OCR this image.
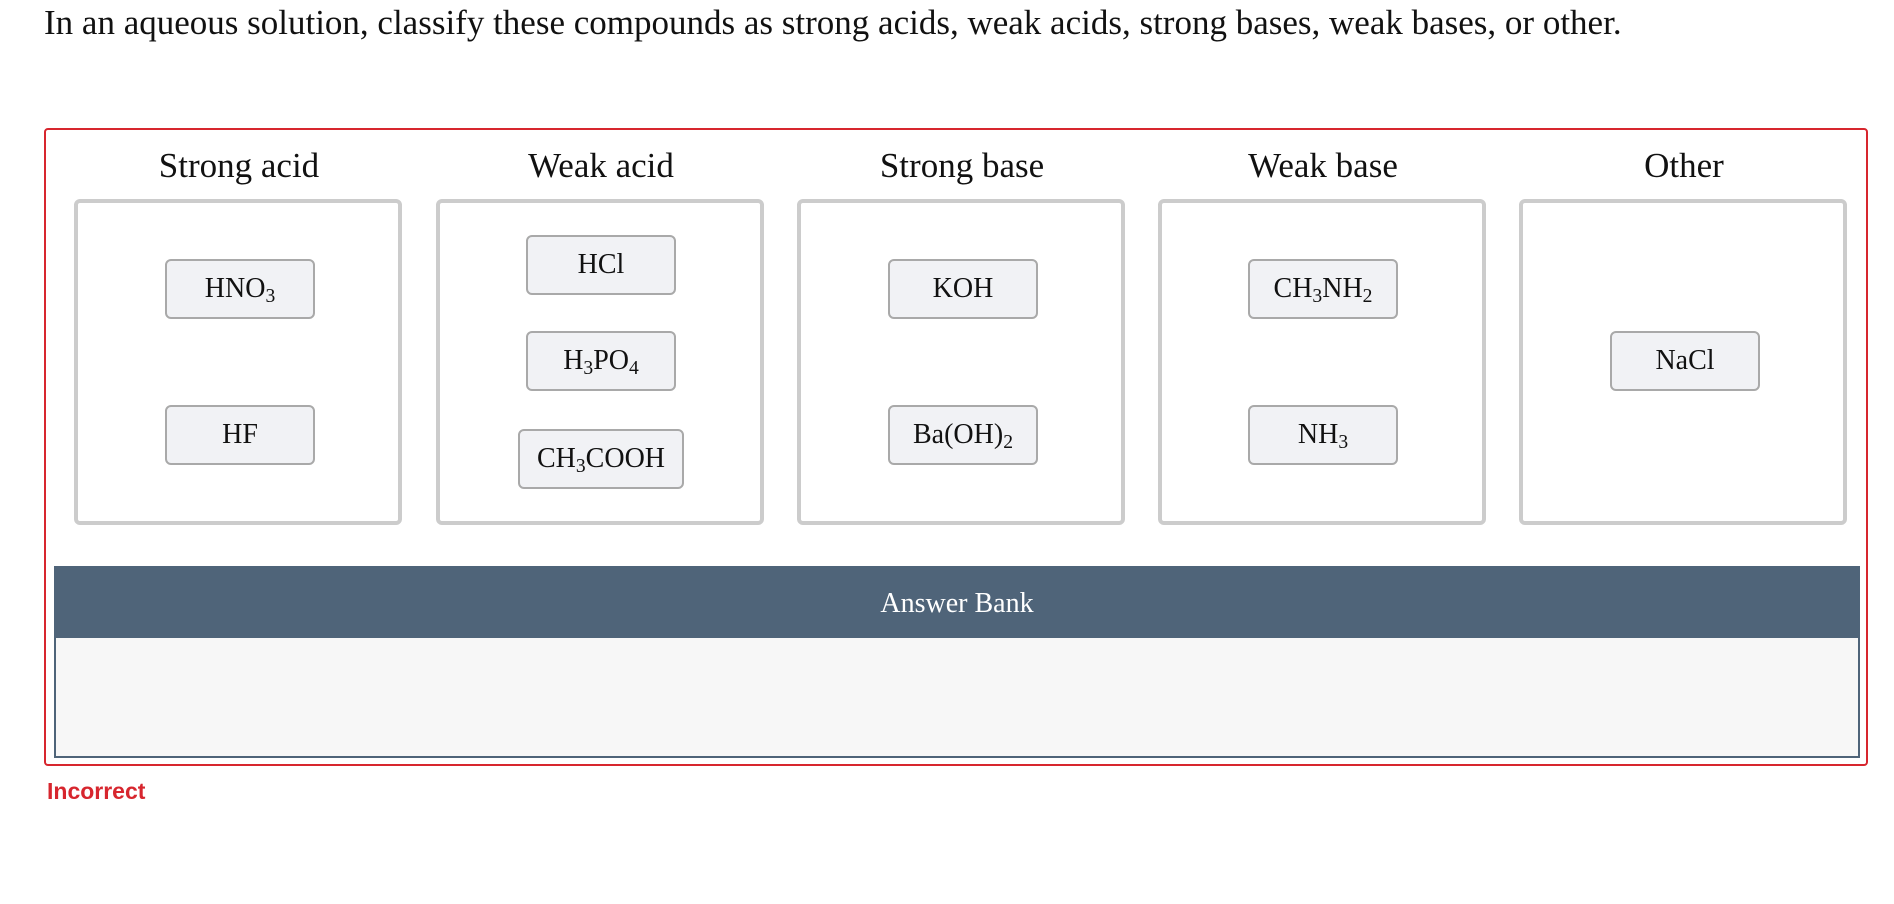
In an aqueous solution, classify these compounds as strong acids, weak acids, strong bases, weak bases, or other.
Strong acid
$HNO_3$
HF
Weak acid
HCl
$H_3PO_4$
$CH_3COOH$
Strong base
KOH
$Ba(OH)_2$
Weak base
$CH_3NH_2$
$NH_3$
Other
NaCl
Answer Bank
Incorrect
